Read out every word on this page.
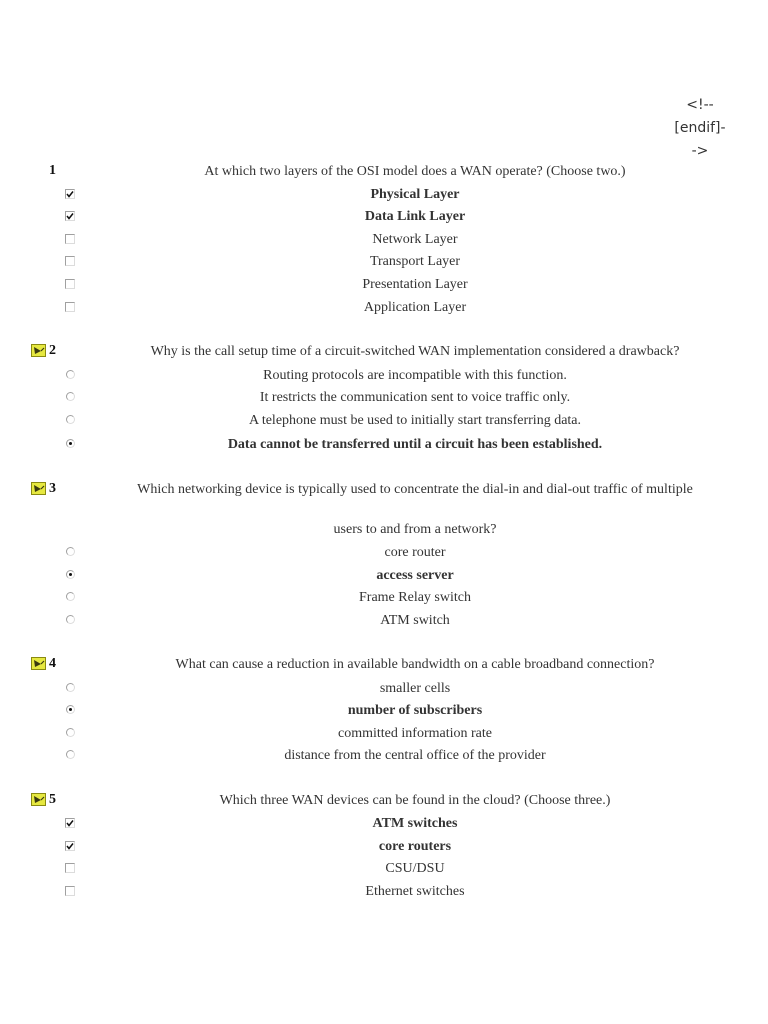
<!--
[endif]-
->
1	At which two layers of the OSI model does a WAN operate? (Choose two.)
Physical Layer
Data Link Layer
Network Layer
Transport Layer
Presentation Layer
Application Layer
2	Why is the call setup time of a circuit-switched WAN implementation considered a drawback?
Routing protocols are incompatible with this function.
It restricts the communication sent to voice traffic only.
A telephone must be used to initially start transferring data.
Data cannot be transferred until a circuit has been established.
3	Which networking device is typically used to concentrate the dial-in and dial-out traffic of multiple
users to and from a network?
core router
access server
Frame Relay switch
ATM switch
4	What can cause a reduction in available bandwidth on a cable broadband connection?
smaller cells
number of subscribers
committed information rate
distance from the central office of the provider
5	Which three WAN devices can be found in the cloud? (Choose three.)
ATM switches
core routers
CSU/DSU
Ethernet switches
